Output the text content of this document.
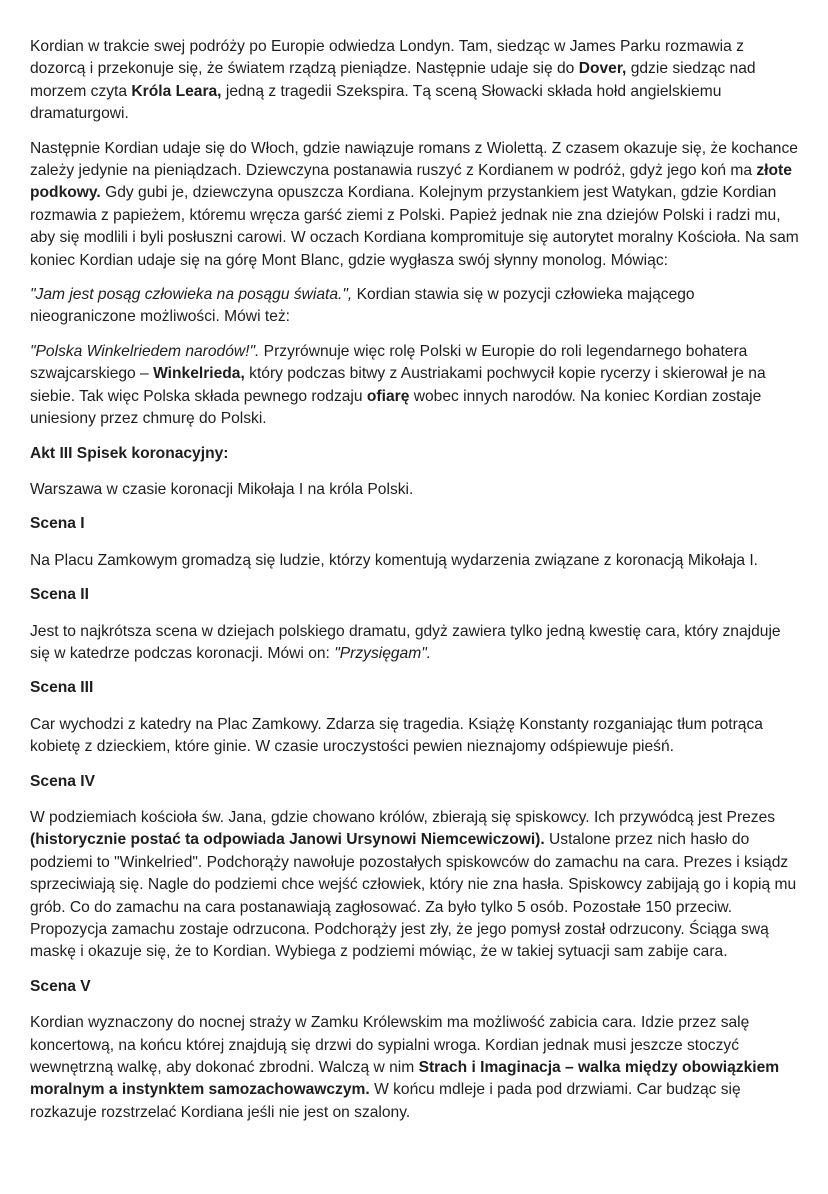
Kordian w trakcie swej podróży po Europie odwiedza Londyn. Tam, siedząc w James Parku rozmawia z dozorcą i przekonuje się, że światem rządzą pieniądze. Następnie udaje się do Dover, gdzie siedząc nad morzem czyta Króla Leara, jedną z tragedii Szekspira. Tą sceną Słowacki składa hołd angielskiemu dramaturgowi.

Następnie Kordian udaje się do Włoch, gdzie nawiązuje romans z Wiolettą. Z czasem okazuje się, że kochance zależy jedynie na pieniądzach. Dziewczyna postanawia ruszyć z Kordianem w podróż, gdyż jego koń ma złote podkowy. Gdy gubi je, dziewczyna opuszcza Kordiana. Kolejnym przystankiem jest Watykan, gdzie Kordian rozmawia z papieżem, któremu wręcza garść ziemi z Polski. Papież jednak nie zna dziejów Polski i radzi mu, aby się modlili i byli posłuszni carowi. W oczach Kordiana kompromituje się autorytet moralny Kościoła. Na sam koniec Kordian udaje się na górę Mont Blanc, gdzie wygłasza swój słynny monolog. Mówiąc:

"Jam jest posąg człowieka na posągu świata.", Kordian stawia się w pozycji człowieka mającego nieograniczone możliwości. Mówi też:

"Polska Winkelriedem narodów!". Przyrównuje więc rolę Polski w Europie do roli legendarnego bohatera szwajcarskiego – Winkelrieda, który podczas bitwy z Austriakami pochwycił kopie rycerzy i skierował je na siebie. Tak więc Polska składa pewnego rodzaju ofiarę wobec innych narodów. Na koniec Kordian zostaje uniesiony przez chmurę do Polski.

Akt III Spisek koronacyjny:

Warszawa w czasie koronacji Mikołaja I na króla Polski.

Scena I

Na Placu Zamkowym gromadzą się ludzie, którzy komentują wydarzenia związane z koronacją Mikołaja I.

Scena II

Jest to najkrótsza scena w dziejach polskiego dramatu, gdyż zawiera tylko jedną kwestię cara, który znajduje się w katedrze podczas koronacji. Mówi on: "Przysięgam".

Scena III

Car wychodzi z katedry na Plac Zamkowy. Zdarza się tragedia. Książę Konstanty rozganiając tłum potrąca kobietę z dzieckiem, które ginie. W czasie uroczystości pewien nieznajomy odśpiewuje pieśń.

Scena IV

W podziemiach kościoła św. Jana, gdzie chowano królów, zbierają się spiskowcy. Ich przywódcą jest Prezes (historycznie postać ta odpowiada Janowi Ursynowi Niemcewiczowi). Ustalone przez nich hasło do podziemi to "Winkelried". Podchorąży nawołuje pozostałych spiskowców do zamachu na cara. Prezes i ksiądz sprzeciwiają się. Nagle do podziemi chce wejść człowiek, który nie zna hasła. Spiskowcy zabijają go i kopią mu grób. Co do zamachu na cara postanawiają zagłosować. Za było tylko 5 osób. Pozostałe 150 przeciw. Propozycja zamachu zostaje odrzucona. Podchorąży jest zły, że jego pomysł został odrzucony. Ściąga swą maskę i okazuje się, że to Kordian. Wybiega z podziemi mówiąc, że w takiej sytuacji sam zabije cara.

Scena V

Kordian wyznaczony do nocnej straży w Zamku Królewskim ma możliwość zabicia cara. Idzie przez salę koncertową, na końcu której znajdują się drzwi do sypialni wroga. Kordian jednak musi jeszcze stoczyć wewnętrzną walkę, aby dokonać zbrodni. Walczą w nim Strach i Imaginacja – walka między obowiązkiem moralnym a instynktem samozachowawczym. W końcu mdleje i pada pod drzwiami. Car budząc się rozkazuje rozstrzelać Kordiana jeśli nie jest on szalony.
